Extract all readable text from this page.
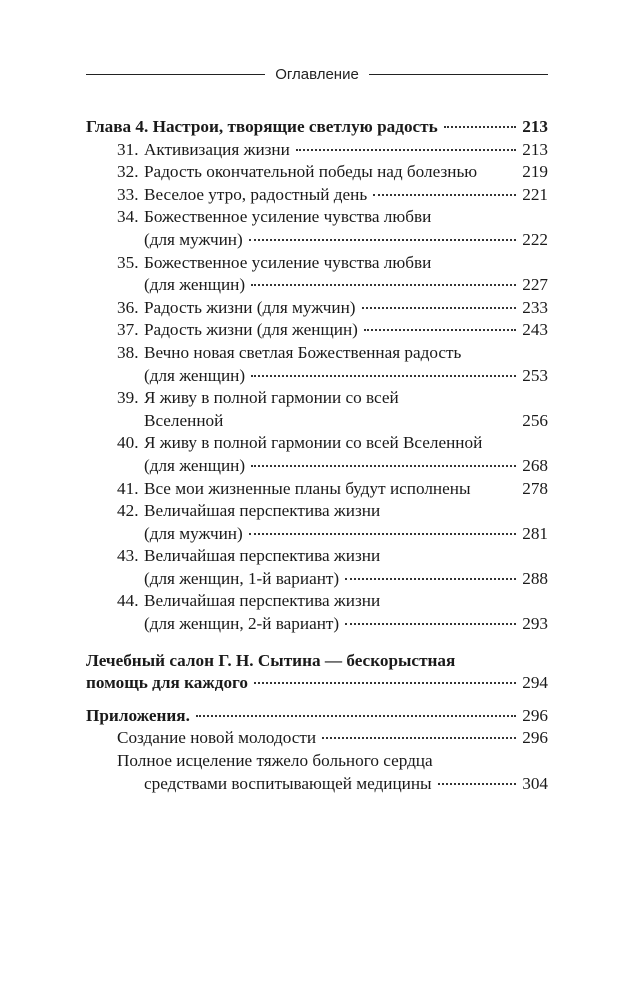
Оглавление
Глава 4. Настрои, творящие светлую радость	213
31. Активизация жизни	213
32. Радость окончательной победы над болезнью	219
33. Веселое утро, радостный день	221
34. Божественное усиление чувства любви
(для мужчин)	222
35. Божественное усиление чувства любви
(для женщин)	227
36. Радость жизни (для мужчин)	233
37. Радость жизни (для женщин)	243
38. Вечно новая светлая Божественная радость
(для женщин)	253
39. Я живу в полной гармонии со всей
Вселенной	256
40. Я живу в полной гармонии со всей Вселенной
(для женщин)	268
41. Все мои жизненные планы будут исполнены	278
42. Величайшая перспектива жизни
(для мужчин)	281
43. Величайшая перспектива жизни
(для женщин, 1-й вариант)	288
44. Величайшая перспектива жизни
(для женщин, 2-й вариант)	293
Лечебный салон Г. Н. Сытина — бескорыстная
помощь для каждого	294
Приложения.	296
Создание новой молодости	296
Полное исцеление тяжело больного сердца
средствами воспитывающей медицины	304
